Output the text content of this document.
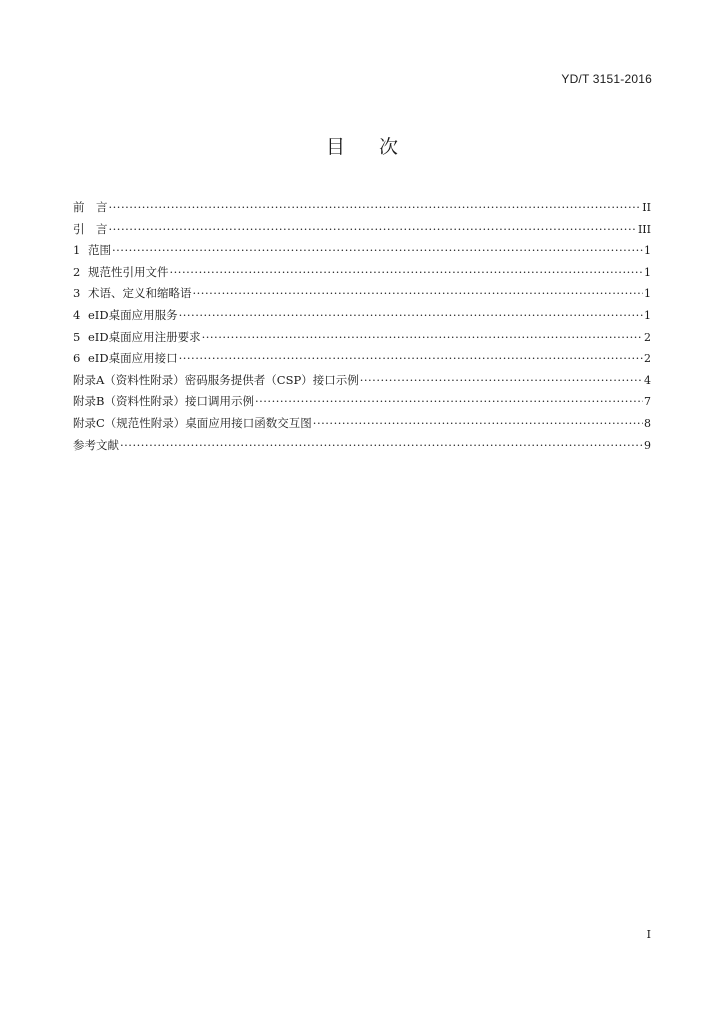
YD/T 3151-2016
目 次
前　言 ·····	II
引　言 ·····	III
1 范围 ·····	1
2 规范性引用文件 ·····	1
3 术语、定义和缩略语 ·····	1
4 eID桌面应用服务 ·····	1
5 eID桌面应用注册要求 ·····	2
6 eID桌面应用接口 ·····	2
附录A（资料性附录）密码服务提供者（CSP）接口示例 ·····	4
附录B（资料性附录）接口调用示例 ·····	7
附录C（规范性附录）桌面应用接口函数交互图 ·····	8
参考文献 ·····	9
I
